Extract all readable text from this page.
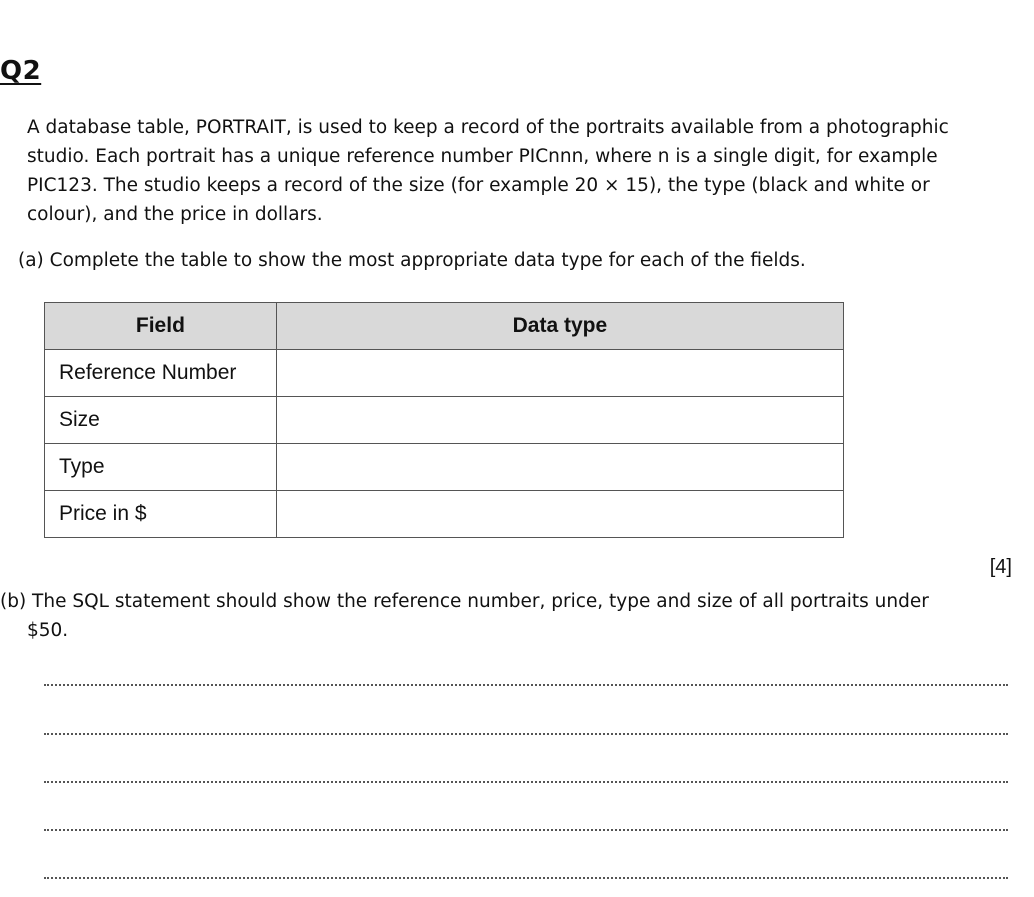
Q2

A database table, PORTRAIT, is used to keep a record of the portraits available from a photographic
studio. Each portrait has a unique reference number PICnnn, where n is a single digit, for example
PIC123. The studio keeps a record of the size (for example 20 × 15), the type (black and white or
colour), and the price in dollars.

(a) Complete the table to show the most appropriate data type for each of the fields.
Field	Data type
Reference Number	
Size	
Type	
Price in $	
[4]
(b) The SQL statement should show the reference number, price, type and size of all portraits under
$50.
